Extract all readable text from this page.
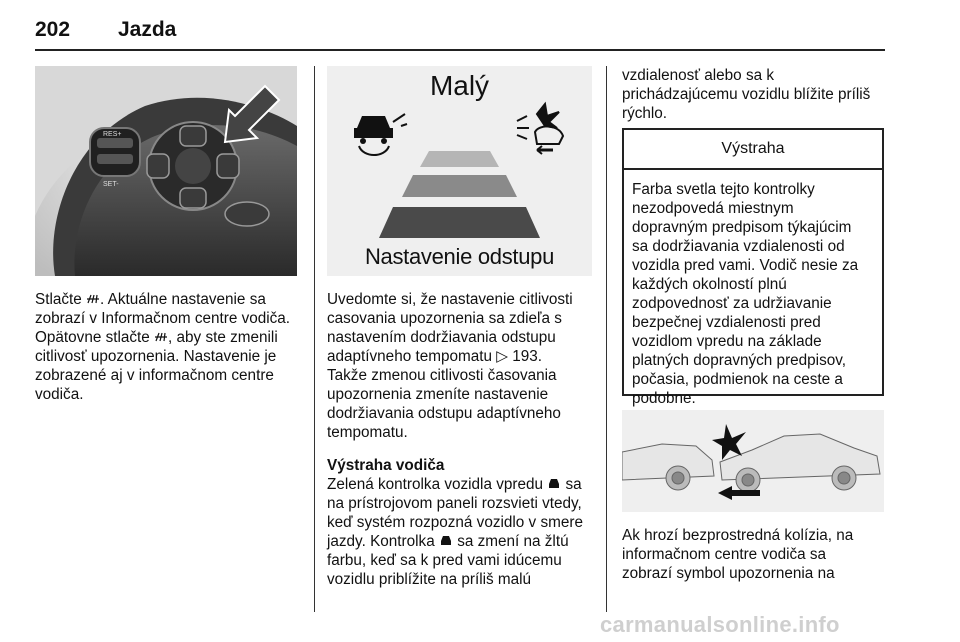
202 Jazda
RES+
SET-

Stlačte . Aktuálne nastavenie sa
zobrazí v Informačnom centre vodiča.
Opätovne stlačte , aby ste zmenili
citlivosť upozornenia. Nastavenie je
zobrazené aj v informačnom centre
vodiča.

Malý
Nastavenie odstupu

Uvedomte si, že nastavenie citlivosti
casovania upozornenia sa zdieľa s
nastavením dodržiavania odstupu
adaptívneho tempomatu ▷ 193.

Takže zmenou citlivosti časovania
upozornenia zmeníte nastavenie
dodržiavania odstupu adaptívneho
tempomatu.

Výstraha vodiča

Zelená kontrolka vozidla vpredu  sa
na prístrojovom paneli rozsvieti vtedy,
keď systém rozpozná vozidlo v smere
jazdy. Kontrolka  sa zmení na žltú
farbu, keď sa k pred vami idúcemu
vozidlu priblížite na príliš malú

vzdialenosť alebo sa k
prichádzajúcemu vozidlu blížite príliš
rýchlo.

Výstraha
Farba svetla tejto kontrolky
nezodpovedá miestnym
dopravným predpisom týkajúcim
sa dodržiavania vzdialenosti od
vozidla pred vami. Vodič nesie za
každých okolností plnú
zodpovednosť za udržiavanie
bezpečnej vzdialenosti pred
vozidlom vpredu na základe
platných dopravných predpisov,
počasia, podmienok na ceste a
podobne.

Ak hrozí bezprostredná kolízia, na
informačnom centre vodiča sa
zobrazí symbol upozornenia na

carmanualsonline.info
